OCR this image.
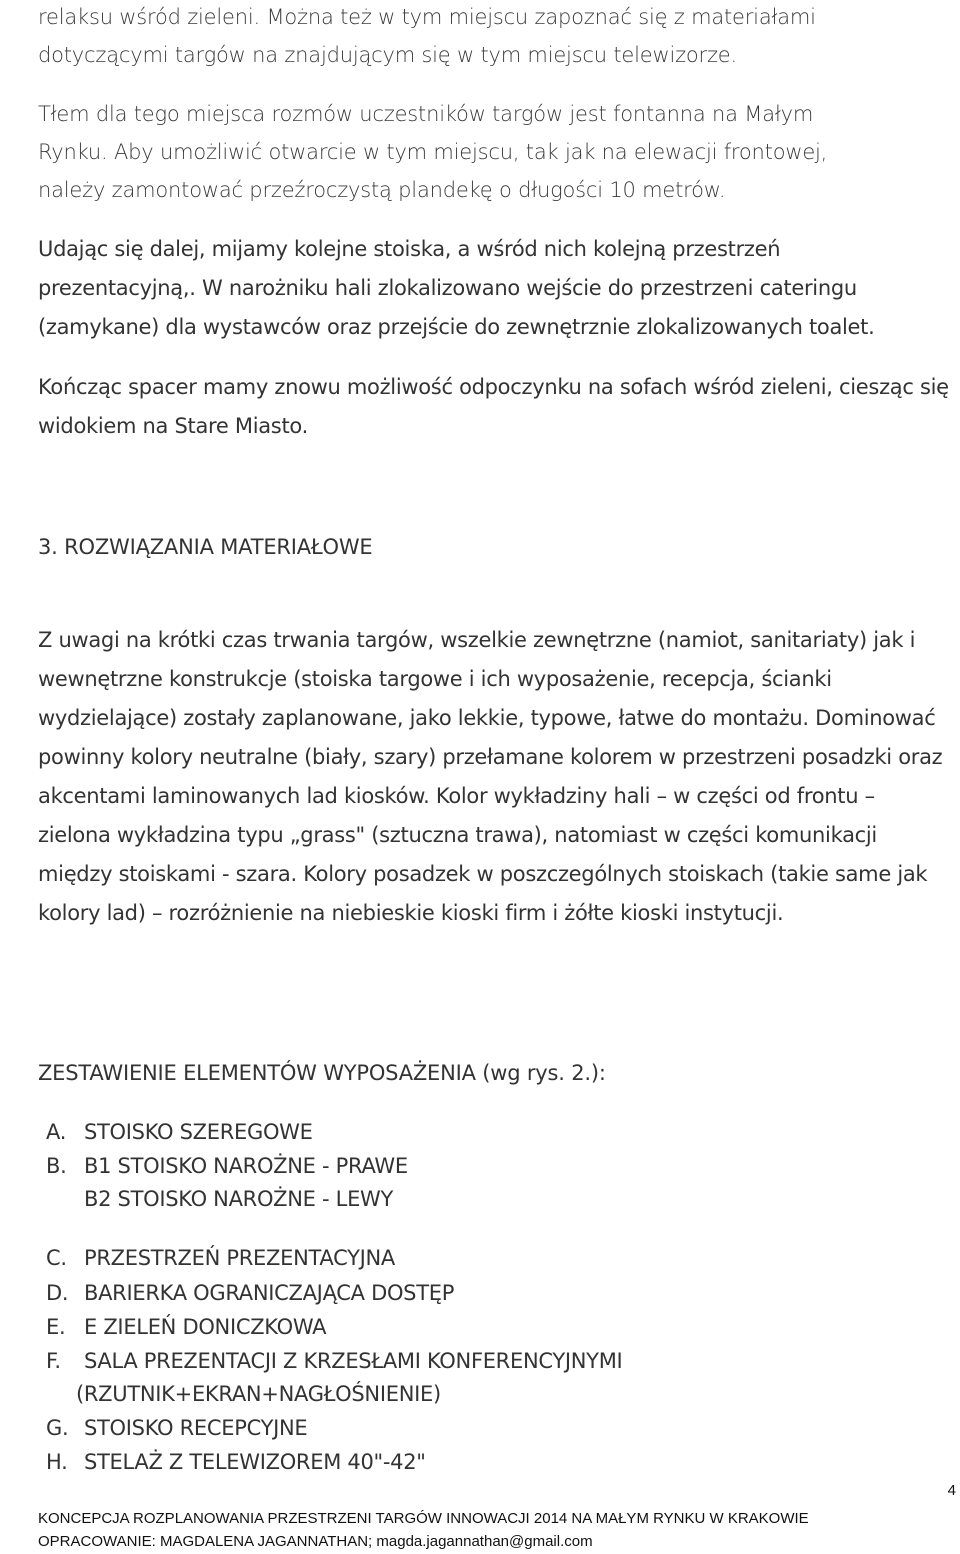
relaksu wśród zieleni. Można też w tym miejscu zapoznać się z materiałami dotyczącymi targów na znajdującym się w tym miejscu telewizorze.

Tłem dla tego miejsca rozmów uczestników targów jest fontanna na Małym Rynku. Aby umożliwić otwarcie w tym miejscu, tak jak na elewacji frontowej, należy zamontować przeźroczystą plandekę o długości 10 metrów.

Udając się dalej, mijamy kolejne stoiska, a wśród nich kolejną przestrzeń prezentacyjną,. W narożniku hali zlokalizowano wejście do przestrzeni cateringu (zamykane) dla wystawców oraz przejście do zewnętrznie zlokalizowanych toalet.

Kończąc spacer mamy znowu możliwość odpoczynku na sofach wśród zieleni, ciesząc się widokiem na Stare Miasto.

3. ROZWIĄZANIA MATERIAŁOWE

Z uwagi na krótki czas trwania targów, wszelkie zewnętrzne (namiot, sanitariaty) jak i wewnętrzne konstrukcje (stoiska targowe i ich wyposażenie, recepcja, ścianki wydzielające) zostały zaplanowane, jako lekkie, typowe, łatwe do montażu. Dominować powinny kolory neutralne (biały, szary) przełamane kolorem w przestrzeni posadzki oraz akcentami laminowanych lad kiosków. Kolor wykładziny hali – w części od frontu – zielona wykładzina typu „grass" (sztuczna trawa), natomiast w części komunikacji między stoiskami - szara. Kolory posadzek w poszczególnych stoiskach (takie same jak kolory lad) – rozróżnienie na niebieskie kioski firm i żółte kioski instytucji.

ZESTAWIENIE ELEMENTÓW WYPOSAŻENIA (wg rys. 2.):
A. STOISKO SZEREGOWE
B. B1 STOISKO NAROŻNE - PRAWE
B2 STOISKO NAROŻNE - LEWY
C. PRZESTRZEŃ PREZENTACYJNA
D. BARIERKA OGRANICZAJĄCA DOSTĘP
E. E ZIELEŃ DONICZKOWA
F. SALA PREZENTACJI Z KRZESŁAMI KONFERENCYJNYMI
(RZUTNIK+EKRAN+NAGŁOŚNIENIE)
G. STOISKO RECEPCYJNE
H. STELAŻ Z TELEWIZOREM 40"-42"
4
KONCEPCJA ROZPLANOWANIA PRZESTRZENI TARGÓW INNOWACJI 2014 NA MAŁYM RYNKU W KRAKOWIE
OPRACOWANIE: MAGDALENA JAGANNATHAN; magda.jagannathan@gmail.com
